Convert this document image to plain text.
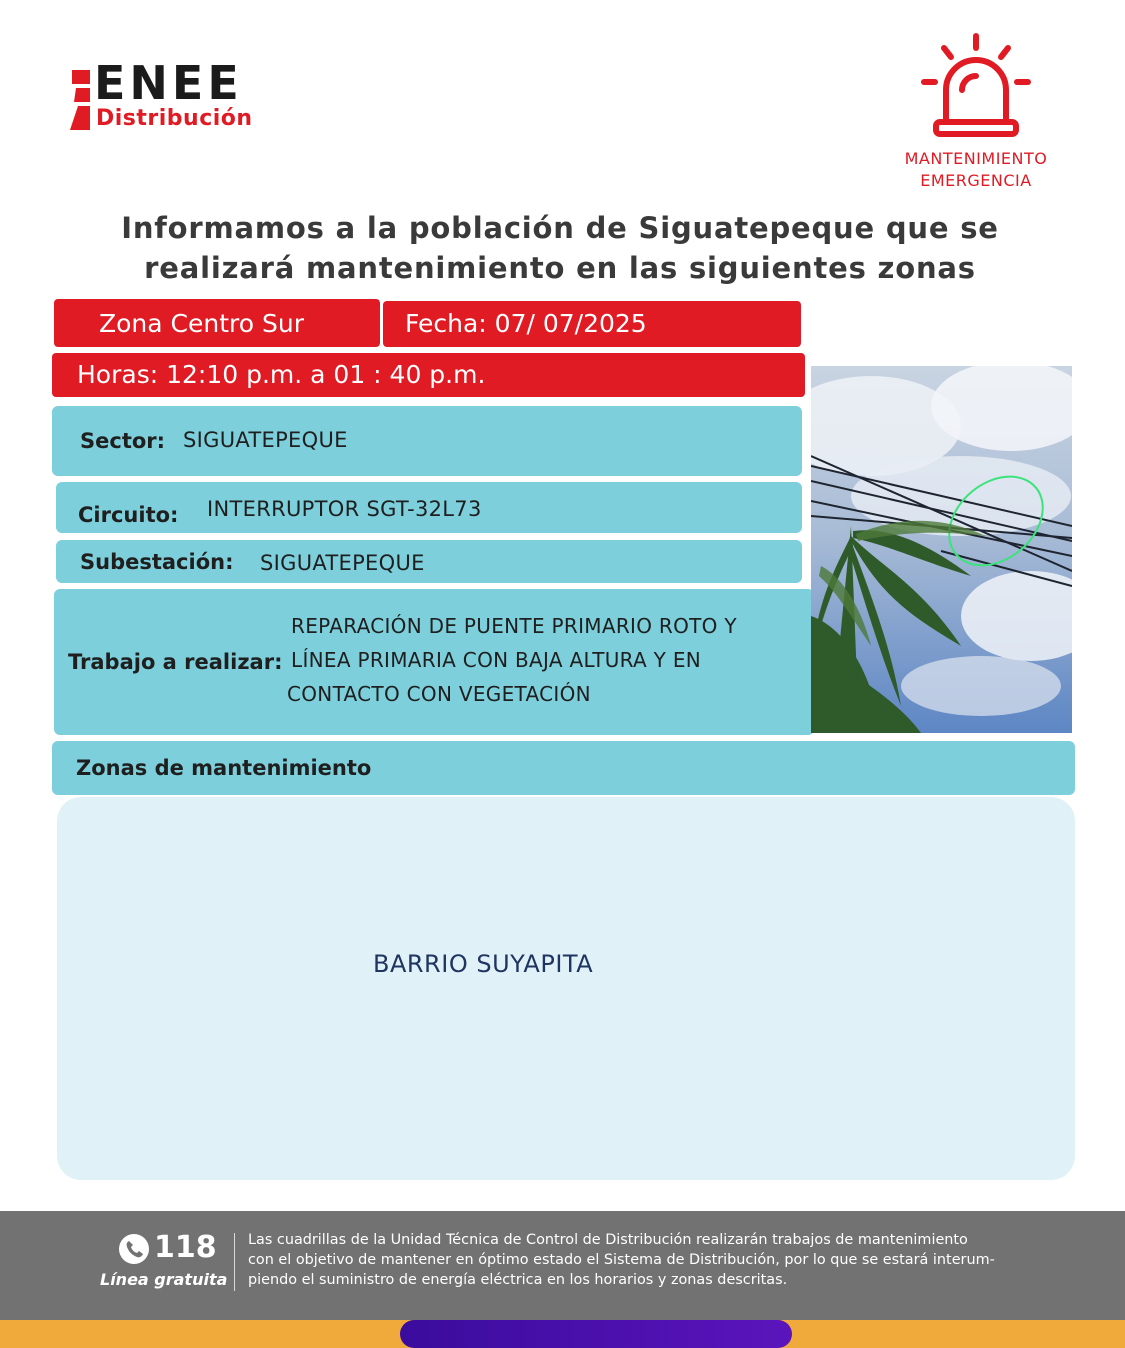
ENEE
Distribución
MANTENIMIENTO
EMERGENCIA
Informamos a la población de Siguatepeque que se
realizará mantenimiento en las siguientes zonas
Zona Centro Sur	Fecha: 07/ 07/2025
Horas: 12:10 p.m. a 01 : 40 p.m.
Sector: SIGUATEPEQUE
Circuito: INTERRUPTOR SGT-32L73
Subestación: SIGUATEPEQUE
Trabajo a realizar:
REPARACIÓN DE PUENTE PRIMARIO ROTO Y
LÍNEA PRIMARIA CON BAJA ALTURA Y EN
CONTACTO CON VEGETACIÓN
Zonas de mantenimiento
BARRIO SUYAPITA
118
Línea gratuita
Las cuadrillas de la Unidad Técnica de Control de Distribución realizarán trabajos de mantenimiento
con el objetivo de mantener en óptimo estado el Sistema de Distribución, por lo que se estará interum-
piendo el suministro de energía eléctrica en los horarios y zonas descritas.
